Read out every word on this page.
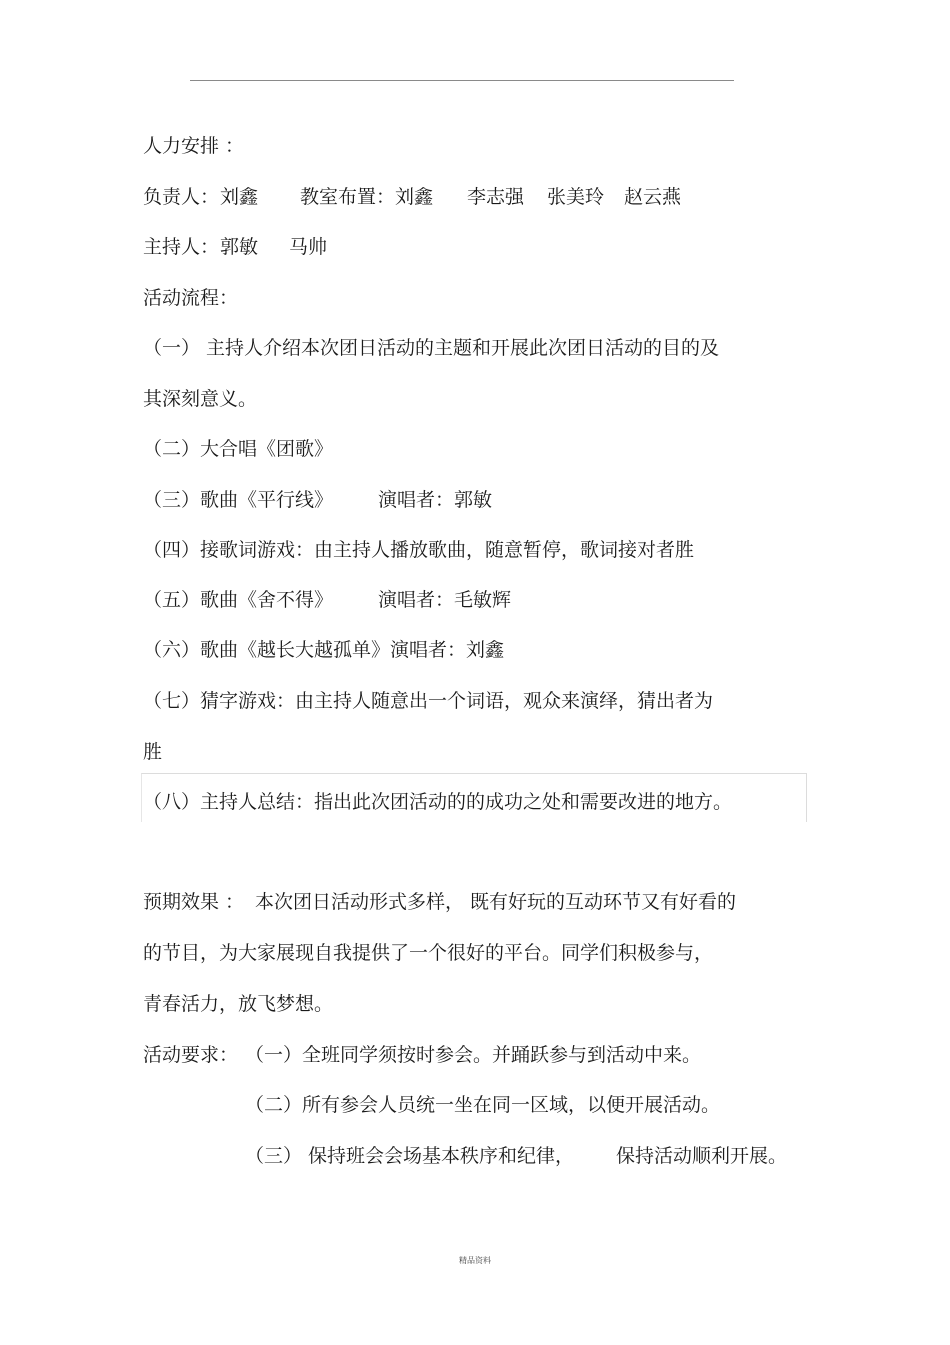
人力安排 ：

负责人：

刘鑫

教室布置：

刘鑫

李志强

张美玲

赵云燕

主持人：

郭敏

马帅

活动流程：
（一） 主持人介绍本次团日活动的主题和开展此次团日活动的目的及
其深刻意义。
（二）大合唱《团歌》

（三）歌曲《平行线》

演唱者：郭敏

（四）接歌词游戏：由主持人播放歌曲，随意暂停，歌词接对者胜

（五）歌曲《舍不得》

演唱者：毛敏辉

（六）歌曲《越长大越孤单》演唱者：刘鑫
（七）猜字游戏：由主持人随意出一个词语，观众来演绎，猜出者为
胜
（八）主持人总结：指出此次团活动的的成功之处和需要改进的地方。

预期效果 ：

本次团日活动形式多样，

既有好玩的互动环节又有好看的

的节目，为大家展现自我提供了一个很好的平台。同学们积极参与，
青春活力，放飞梦想。

活动要求：

（一）全班同学须按时参会。并踊跃参与到活动中来。

（二）所有参会人员统一坐在同一区域，以便开展活动。

（三） 保持班会会场基本秩序和纪律，

保持活动顺利开展。

精品资料
